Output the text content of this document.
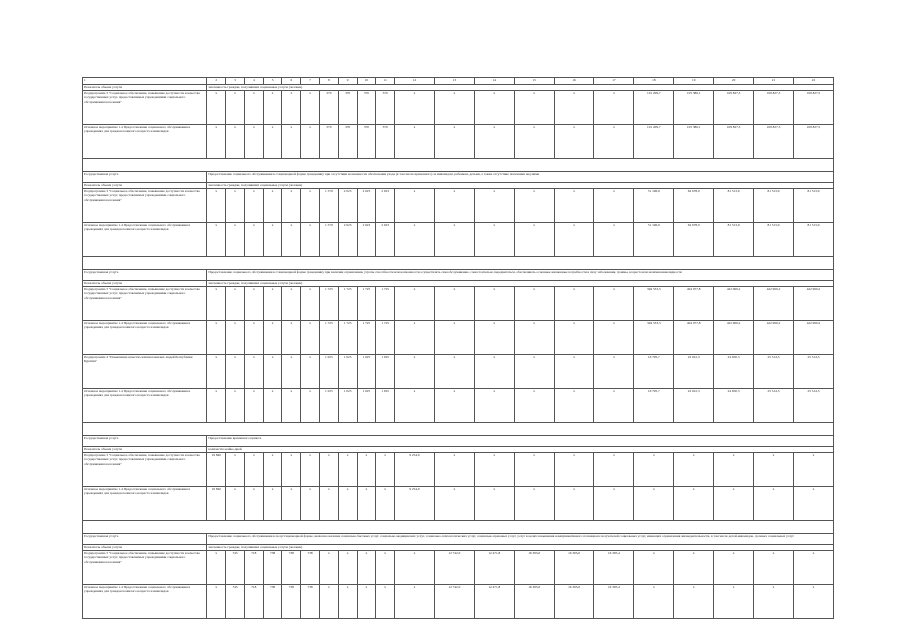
1	2	3	4	5	6	7	8	9	10	11	12	13	14	15	16	17	18	19	20	21	22
Показатель объема услуги	численность граждан, получивших социальные услуги (человек)																				
Подпрограмма 3 "Социальное обеспечение, повышение доступности и качества государственных услуг, предоставляемых учреждениями социального обслуживания населения"	х	х	х	х	х	х	370	370	370	370	х	х	х	х	х	х	101 209,7	105 386,1	109 827,3	109 827,3	109 827,5
Основное мероприятие 1.4 Предоставление социального обслуживания в учреждениях для граждан пожилого возраста и инвалидов	х	х	х	х	х	х	370	370	370	370	х	х	х	х	х	х	101 209,7	105 386,1	109 827,3	109 827,3	109 827,5

Государственная услуга	Предоставление социального обслуживания в стационарной форме гражданину при отсутствии возможности обеспечения ухода (в том числе временного) за инвалидом, ребенком, детьми, а также отсутствие попечения над ними																				
Показатель объема услуги	численность граждан, получивших социальные услуги (человек)																				
Подпрограмма 3 "Социальное обеспечение, повышение доступности и качества государственных услуг, предоставляемых учреждениями социального обслуживания населения"	х	х	х	х	х	х	1 579	2 023	2 023	2 023	х	х	х	х	х	х	51 196,9	62 678,0	81 513,9	81 513,9	81 513,9
Основное мероприятие 1.4 Предоставление социального обслуживания в учреждениях для граждан пожилого возраста и инвалидов	х	х	х	х	х	х	1 579	2 023	2 023	2 023	х	х	х	х	х	х	51 196,9	62 678,0	81 513,9	81 513,9	81 513,9

Государственная услуга	Предоставление социального обслуживания в стационарной форме гражданину при наличии ограничения, утраты способности или возможности осуществлять самообслуживание, самостоятельно передвигаться, обеспечивать основные жизненные потребности в силу заболевания, травмы, возраста или наличия инвалидности																				
Показатель объема услуги	численность граждан, получивших социальные услуги (человек)																				
Подпрограмма 3 "Социальное обеспечение, повышение доступности и качества государственных услуг, предоставляемых учреждениями социального обслуживания населения"	х	х	х	х	х	х	1 725	1 725	1 725	1 725	х	х	х	х	х	х	394 533,3	404 077,8	422 900,2	422 900,2	422 900,2
Основное мероприятие 1.4 Предоставление социального обслуживания в учреждениях для граждан пожилого возраста и инвалидов	х	х	х	х	х	х	1 725	1 725	1 725	1 725	х	х	х	х	х	х	394 533,3	404 077,8	422 900,2	422 900,2	422 900,2
Подпрограмма 4 "Повышение качества жизни пожилых людей Республики Бурятия"	х	х	х	х	х	х	1 025	1 025	1 025	1 025	х	х	х	х	х	х	16 795,7	22 041,3	24 650,3	25 514,3	25 514,3
Основное мероприятие 1.4 Предоставление социального обслуживания в учреждениях для граждан пожилого возраста и инвалидов	х	х	х	х	х	х	1 025	1 025	1 025	1 025	х	х	х	х	х	х	16 795,7	22 041,3	24 650,3	25 514,3	25 514,3

Государственная услуга	Предоставление временного приюта																				
Показатель объема услуги	количество койко-дней																				
Подпрограмма 3 "Социальное обеспечение, повышение доступности и качества государственных услуг, предоставляемых учреждениями социального обслуживания населения"	19 840	х	х	х	х	х	х	х	х	х	9 254,0	х	х	х	х	х	х	х	х	х	х
Основное мероприятие 1.4 Предоставление социального обслуживания в учреждениях для граждан пожилого возраста и инвалидов	19 840	х	х	х	х	х	х	х	х	х	9 254,0	х	х	х	х	х	х	х	х	х	х

Государственная услуга	Предоставление социального обслуживания в полустационарной форме, включая оказание социально-бытовых услуг, социально-медицинских услуг, социально-психологических услуг, социально-правовых услуг, услуг в целях повышения коммуникативного потенциала получателей социальных услуг, имеющих ограничения жизнедеятельности, в том числе детей-инвалидов, срочных социальных услуг																				
Показатель объема услуги	численность граждан, получивших социальные услуги (человек)																				
Подпрограмма 3 "Социальное обеспечение, повышение доступности и качества государственных услуг, предоставляемых учреждениями социального обслуживания населения"	х	745	718	738	738	738	х	х	х	х	х	12 742,0	12 471,8	16 395,6	16 395,6	16 395,4	х	х	х	х	х
Основное мероприятие 1.4 Предоставление социального обслуживания в учреждениях для граждан пожилого возраста и инвалидов	х	745	718	738	738	738	х	х	х	х	х	12 742,0	12 471,8	16 395,6	16 395,6	16 395,4	х	х	х	х	х
